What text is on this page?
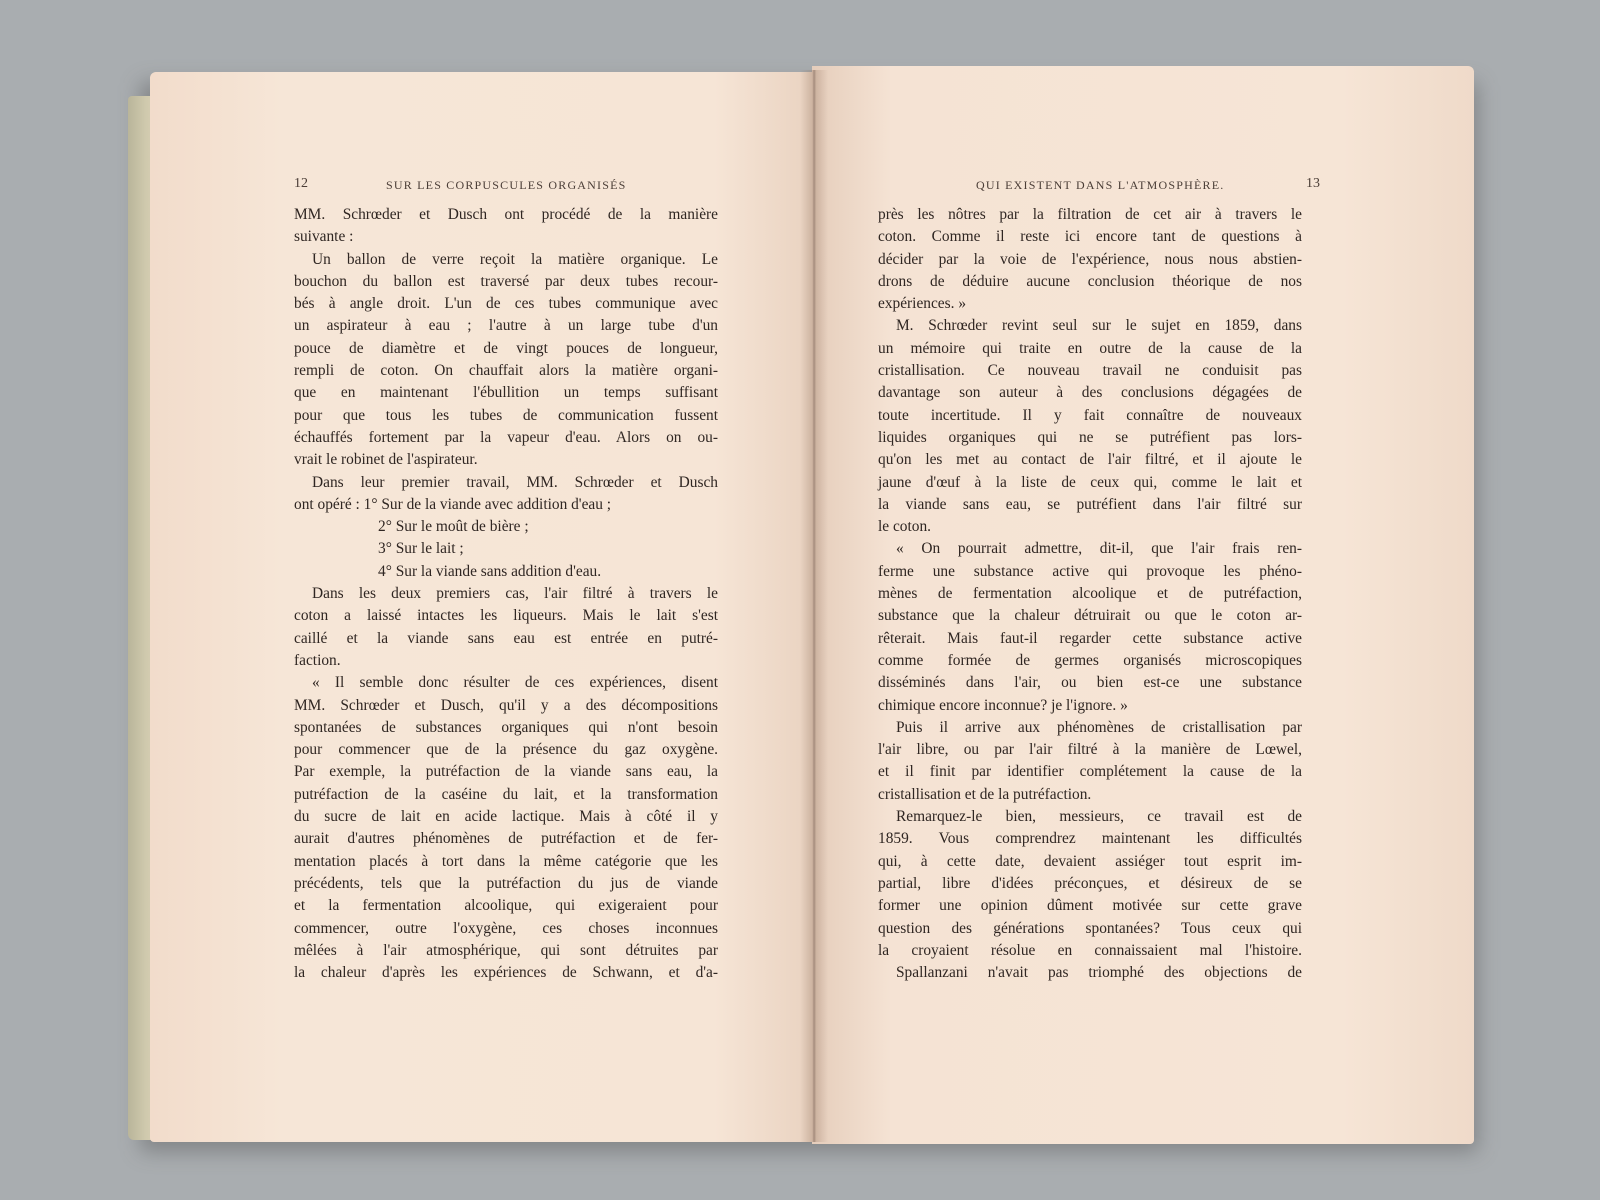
12	SUR LES CORPUSCULES ORGANISÉS	QUI EXISTENT DANS L'ATMOSPHÈRE.	13
MM. Schrœder et Dusch ont procédé de la manière
suivante :
Un ballon de verre reçoit la matière organique. Le
bouchon du ballon est traversé par deux tubes recour-
bés à angle droit. L'un de ces tubes communique avec
un aspirateur à eau ; l'autre à un large tube d'un
pouce de diamètre et de vingt pouces de longueur,
rempli de coton. On chauffait alors la matière organi-
que en maintenant l'ébullition un temps suffisant
pour que tous les tubes de communication fussent
échauffés fortement par la vapeur d'eau. Alors on ou-
vrait le robinet de l'aspirateur.
Dans leur premier travail, MM. Schrœder et Dusch
ont opéré : 1° Sur de la viande avec addition d'eau ;
2° Sur le moût de bière ;
3° Sur le lait ;
4° Sur la viande sans addition d'eau.
Dans les deux premiers cas, l'air filtré à travers le
coton a laissé intactes les liqueurs. Mais le lait s'est
caillé et la viande sans eau est entrée en putré-
faction.
« Il semble donc résulter de ces expériences, disent
MM. Schrœder et Dusch, qu'il y a des décompositions
spontanées de substances organiques qui n'ont besoin
pour commencer que de la présence du gaz oxygène.
Par exemple, la putréfaction de la viande sans eau, la
putréfaction de la caséine du lait, et la transformation
du sucre de lait en acide lactique. Mais à côté il y
aurait d'autres phénomènes de putréfaction et de fer-
mentation placés à tort dans la même catégorie que les
précédents, tels que la putréfaction du jus de viande
et la fermentation alcoolique, qui exigeraient pour
commencer, outre l'oxygène, ces choses inconnues
mêlées à l'air atmosphérique, qui sont détruites par
la chaleur d'après les expériences de Schwann, et d'a-
près les nôtres par la filtration de cet air à travers le
coton. Comme il reste ici encore tant de questions à
décider par la voie de l'expérience, nous nous abstien-
drons de déduire aucune conclusion théorique de nos
expériences. »
M. Schrœder revint seul sur le sujet en 1859, dans
un mémoire qui traite en outre de la cause de la
cristallisation. Ce nouveau travail ne conduisit pas
davantage son auteur à des conclusions dégagées de
toute incertitude. Il y fait connaître de nouveaux
liquides organiques qui ne se putréfient pas lors-
qu'on les met au contact de l'air filtré, et il ajoute le
jaune d'œuf à la liste de ceux qui, comme le lait et
la viande sans eau, se putréfient dans l'air filtré sur
le coton.
« On pourrait admettre, dit-il, que l'air frais ren-
ferme une substance active qui provoque les phéno-
mènes de fermentation alcoolique et de putréfaction,
substance que la chaleur détruirait ou que le coton ar-
rêterait. Mais faut-il regarder cette substance active
comme formée de germes organisés microscopiques
disséminés dans l'air, ou bien est-ce une substance
chimique encore inconnue? je l'ignore. »
Puis il arrive aux phénomènes de cristallisation par
l'air libre, ou par l'air filtré à la manière de Lœwel,
et il finit par identifier complétement la cause de la
cristallisation et de la putréfaction.
Remarquez-le bien, messieurs, ce travail est de
1859. Vous comprendrez maintenant les difficultés
qui, à cette date, devaient assiéger tout esprit im-
partial, libre d'idées préconçues, et désireux de se
former une opinion dûment motivée sur cette grave
question des générations spontanées? Tous ceux qui
la croyaient résolue en connaissaient mal l'histoire.
Spallanzani n'avait pas triomphé des objections de
